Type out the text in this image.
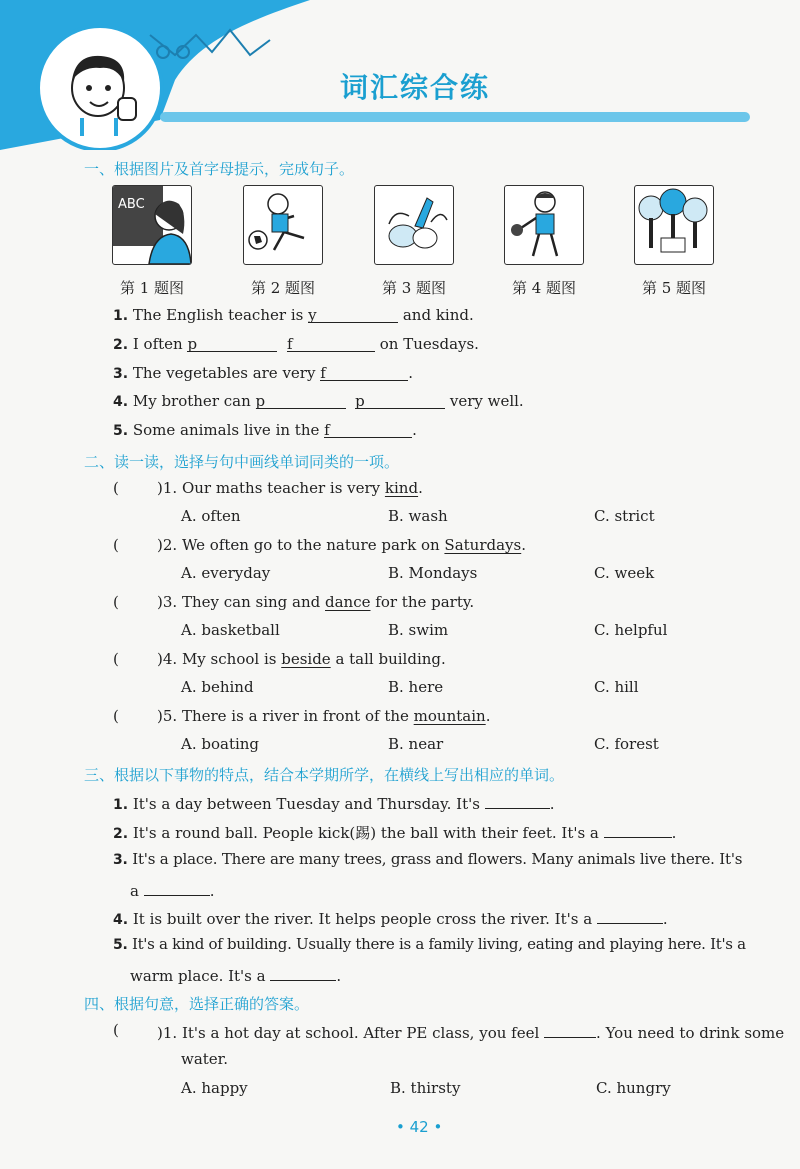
词汇综合练
一、根据图片及首字母提示，完成句子。
ABC
第 1 题图	第 2 题图	第 3 题图	第 4 题图	第 5 题图
1. The English teacher is y	and kind.
2. I often p	f	on Tuesdays.
3. The vegetables are very f	.
4. My brother can p	p	very well.
5. Some animals live in the f	.
二、读一读，选择与句中画线单词同类的一项。
(	)1. Our maths teacher is very kind.
A. often	B. wash	C. strict
(	)2. We often go to the nature park on Saturdays.
A. everyday	B. Mondays	C. week
(	)3. They can sing and dance for the party.
A. basketball	B. swim	C. helpful
(	)4. My school is beside a tall building.
A. behind	B. here	C. hill
(	)5. There is a river in front of the mountain.
A. boating	B. near	C. forest
三、根据以下事物的特点，结合本学期所学，在横线上写出相应的单词。
1. It's a day between Tuesday and Thursday. It's	.
2. It's a round ball. People kick(踢) the ball with their feet. It's a	.
3. It's a place. There are many trees, grass and flowers. Many animals live there. It's
a	.
4. It is built over the river. It helps people cross the river. It's a	.
5. It's a kind of building. Usually there is a family living, eating and playing here. It's a
warm place. It's a	.
四、根据句意，选择正确的答案。
(	)1. It's a hot day at school. After PE class, you feel	. You need to drink some
water.
A. happy	B. thirsty	C. hungry
• 42 •
